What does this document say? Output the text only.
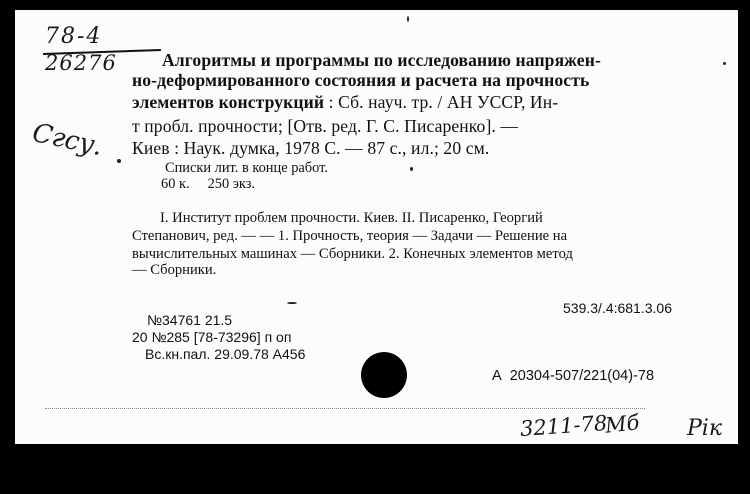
78-4
26276
Сгсу.
Алгоритмы и программы по исследованию напряжен-
но-деформированного состояния и расчета на прочность
элементов конструкций : Сб. науч. тр. / АН УССР, Ин-
т пробл. прочности; [Отв. ред. Г. С. Писаренко]. —
Киев : Наук. думка, 1978 С. — 87 с., ил.; 20 см.
Списки лит. в конце работ.
60 к.     250 экз.
I. Институт проблем прочности. Киев. II. Писаренко, Георгий
Степанович, ред. — — 1. Прочность, теория — Задачи — Решение на
вычислительных машинах — Сборники. 2. Конечных элементов метод
— Сборники.
539.3/.4:681.3.06
№34761 21.5
20 №285 [78-73296] п оп
Вс.кн.пал. 29.09.78 А456
А  20304-507/221(04)-78
3211-78
Мб Рік
